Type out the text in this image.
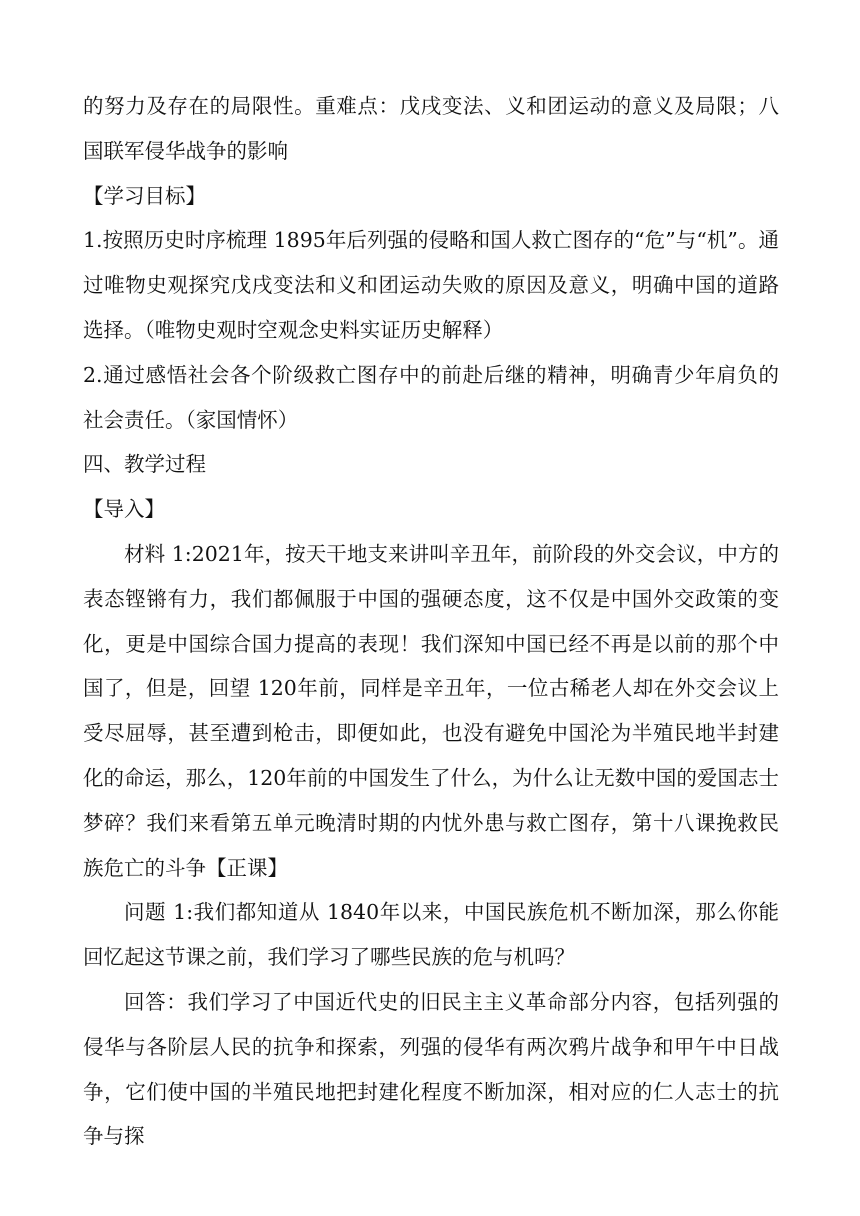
的努力及存在的局限性。重难点：戊戌变法、义和团运动的意义及局限；八国联军侵华战争的影响

【学习目标】

1.按照历史时序梳理 1895年后列强的侵略和国人救亡图存的“危”与“机”。通过唯物史观探究戊戌变法和义和团运动失败的原因及意义，明确中国的道路选择。（唯物史观时空观念史料实证历史解释）

2.通过感悟社会各个阶级救亡图存中的前赴后继的精神，明确青少年肩负的社会责任。（家国情怀）

四、教学过程

【导入】

材料 1:2021年，按天干地支来讲叫辛丑年，前阶段的外交会议，中方的表态铿锵有力，我们都佩服于中国的强硬态度，这不仅是中国外交政策的变化，更是中国综合国力提高的表现！我们深知中国已经不再是以前的那个中国了，但是，回望 120年前，同样是辛丑年，一位古稀老人却在外交会议上受尽屈辱，甚至遭到枪击，即便如此，也没有避免中国沦为半殖民地半封建化的命运，那么，120年前的中国发生了什么，为什么让无数中国的爱国志士梦碎？我们来看第五单元晚清时期的内忧外患与救亡图存，第十八课挽救民族危亡的斗争【正课】

问题 1:我们都知道从 1840年以来，中国民族危机不断加深，那么你能回忆起这节课之前，我们学习了哪些民族的危与机吗？

回答：我们学习了中国近代史的旧民主主义革命部分内容，包括列强的侵华与各阶层人民的抗争和探索，列强的侵华有两次鸦片战争和甲午中日战争，它们使中国的半殖民地把封建化程度不断加深，相对应的仁人志士的抗争与探
